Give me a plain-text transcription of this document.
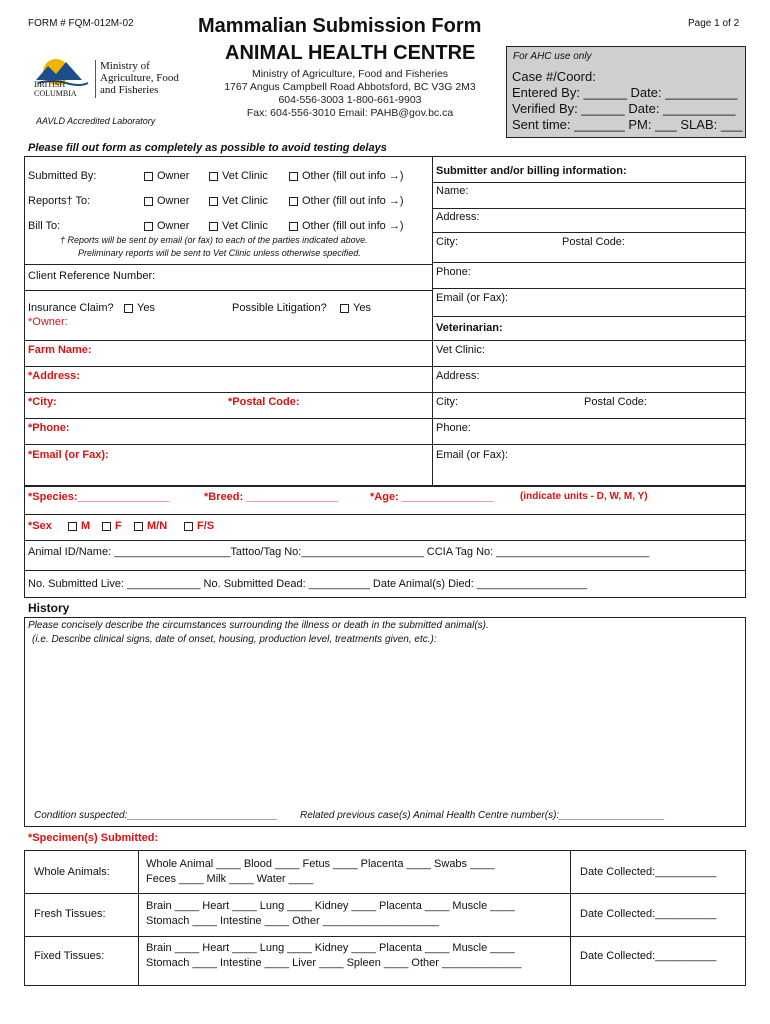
FORM # FQM-012M-02	Page 1 of 2
Mammalian Submission Form
ANIMAL HEALTH CENTRE
BRITISH COLUMBIA
Ministry of
Agriculture, Food
and Fisheries
AAVLD Accredited Laboratory
Ministry of Agriculture, Food and Fisheries
1767 Angus Campbell Road Abbotsford, BC V3G 2M3
604-556-3003 1-800-661-9903
Fax: 604-556-3010 Email: PAHB@gov.bc.ca
For AHC use only
Case #/Coord:
Entered By: ______ Date: __________
Verified By: ______ Date: __________
Sent time: _______ PM: ___ SLAB: ___
Please fill out form as completely as possible to avoid testing delays
Submitted By:	Owner	Vet Clinic	Other (fill out info →)
Reports† To:	Owner	Vet Clinic	Other (fill out info →)
Bill To:	Owner	Vet Clinic	Other (fill out info →)
† Reports will be sent by email (or fax) to each of the parties indicated above.
Preliminary reports will be sent to Vet Clinic unless otherwise specified.
Client Reference Number:
Insurance Claim?	Yes	Possible Litigation?	Yes
*Owner:
Farm Name:
*Address:
*City:	*Postal Code:
*Phone:
*Email (or Fax):
Submitter and/or billing information:
Name:
Address:
City:	Postal Code:
Phone:
Email (or Fax):
Veterinarian:
Vet Clinic:
Address:
City:	Postal Code:
Phone:
Email (or Fax):
*Species:_______________	*Breed: _______________	*Age: _______________	(indicate units - D, W, M, Y)
*Sex	M	F	M/N	F/S
Animal ID/Name: ___________________Tattoo/Tag No:____________________ CCIA Tag No: _________________________
No. Submitted Live: ____________ No. Submitted Dead: __________ Date Animal(s) Died: __________________
History
Please concisely describe the circumstances surrounding the illness or death in the submitted animal(s).
(i.e. Describe clinical signs, date of onset, housing, production level, treatments given, etc.):
Condition suspected:___________________________ Related previous case(s) Animal Health Centre number(s):___________________
*Specimen(s) Submitted:
Whole Animals:
Whole Animal ____ Blood ____ Fetus ____ Placenta ____ Swabs ____
Feces ____ Milk ____ Water ____
Date Collected:__________
Fresh Tissues:
Brain ____ Heart ____ Lung ____ Kidney ____ Placenta ____ Muscle ____
Stomach ____ Intestine ____ Other ___________________
Date Collected:__________
Fixed Tissues:
Brain ____ Heart ____ Lung ____ Kidney ____ Placenta ____ Muscle ____
Stomach ____ Intestine ____ Liver ____ Spleen ____ Other _____________
Date Collected:__________
